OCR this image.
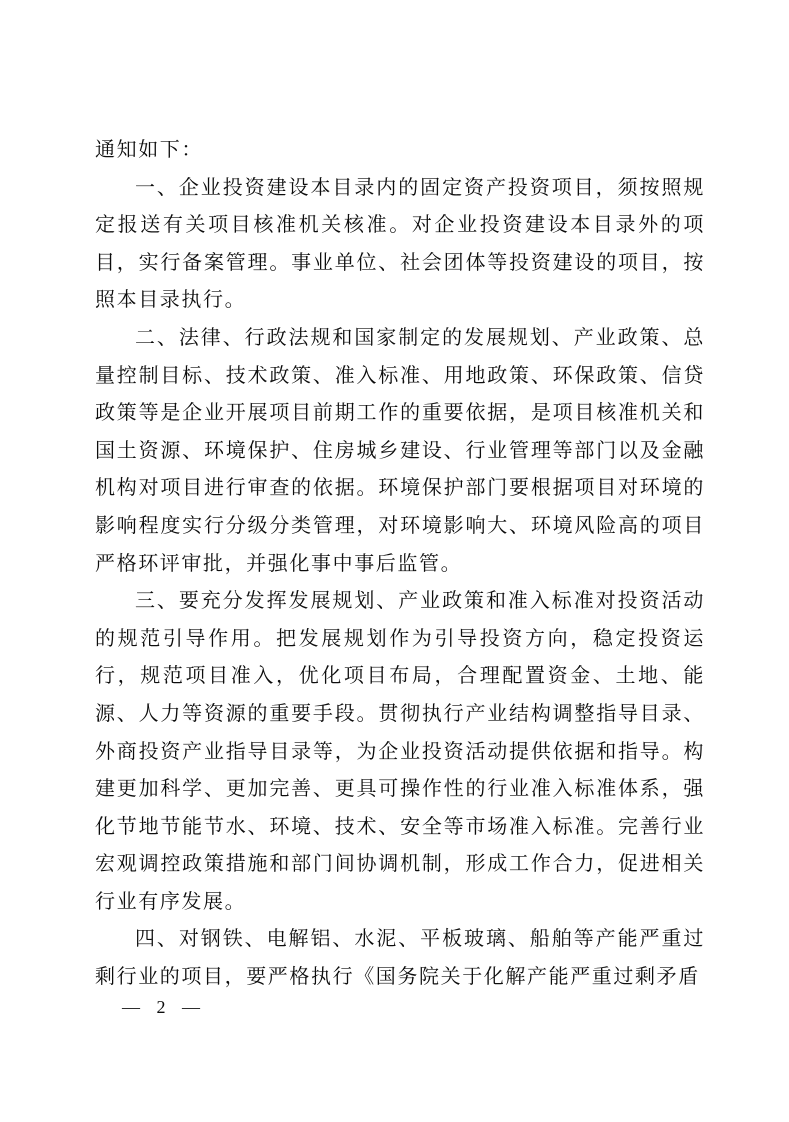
通知如下：

一、企业投资建设本目录内的固定资产投资项目，须按照规定报送有关项目核准机关核准。对企业投资建设本目录外的项目，实行备案管理。事业单位、社会团体等投资建设的项目，按照本目录执行。

二、法律、行政法规和国家制定的发展规划、产业政策、总量控制目标、技术政策、准入标准、用地政策、环保政策、信贷政策等是企业开展项目前期工作的重要依据，是项目核准机关和国土资源、环境保护、住房城乡建设、行业管理等部门以及金融机构对项目进行审查的依据。环境保护部门要根据项目对环境的影响程度实行分级分类管理，对环境影响大、环境风险高的项目严格环评审批，并强化事中事后监管。

三、要充分发挥发展规划、产业政策和准入标准对投资活动的规范引导作用。把发展规划作为引导投资方向，稳定投资运行，规范项目准入，优化项目布局，合理配置资金、土地、能源、人力等资源的重要手段。贯彻执行产业结构调整指导目录、外商投资产业指导目录等，为企业投资活动提供依据和指导。构建更加科学、更加完善、更具可操作性的行业准入标准体系，强化节地节能节水、环境、技术、安全等市场准入标准。完善行业宏观调控政策措施和部门间协调机制，形成工作合力，促进相关行业有序发展。

四、对钢铁、电解铝、水泥、平板玻璃、船舶等产能严重过剩行业的项目，要严格执行《国务院关于化解产能严重过剩矛盾

— 2 —
